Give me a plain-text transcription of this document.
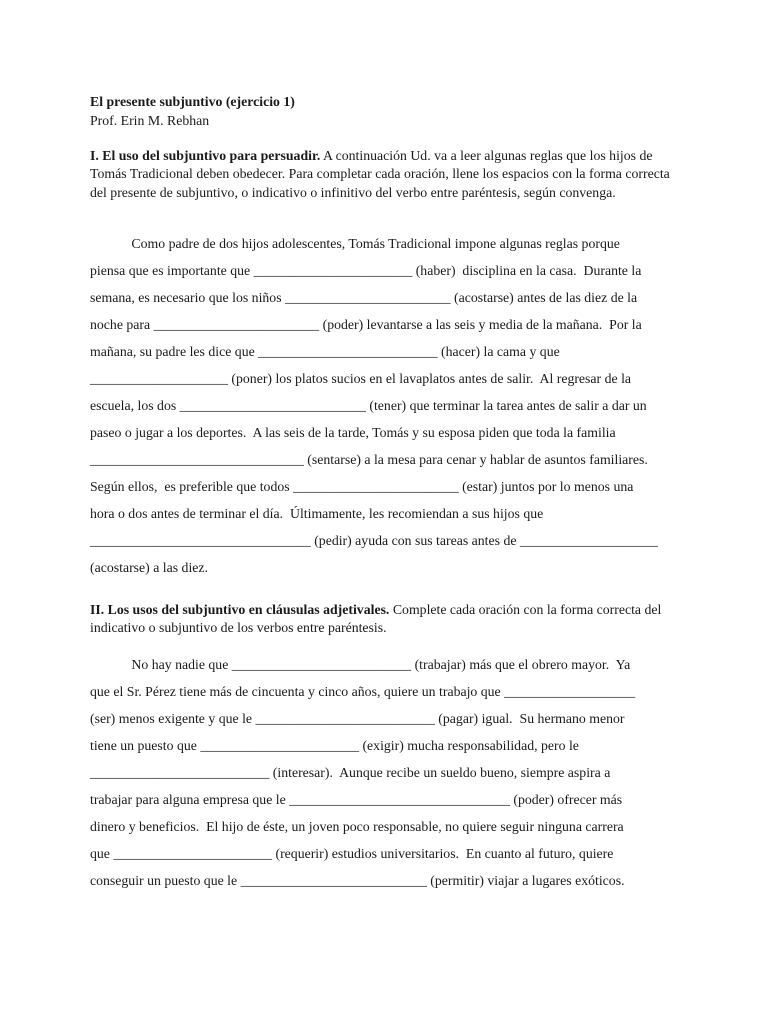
El presente subjuntivo (ejercicio 1)
Prof. Erin M. Rebhan
I. El uso del subjuntivo para persuadir. A continuación Ud. va a leer algunas reglas que los hijos de Tomás Tradicional deben obedecer. Para completar cada oración, llene los espacios con la forma correcta del presente de subjuntivo, o indicativo o infinitivo del verbo entre paréntesis, según convenga.
Como padre de dos hijos adolescentes, Tomás Tradicional impone algunas reglas porque
piensa que es importante que _______________________ (haber)  disciplina en la casa.  Durante la
semana, es necesario que los niños ________________________ (acostarse) antes de las diez de la
noche para ________________________ (poder) levantarse a las seis y media de la mañana.  Por la
mañana, su padre les dice que __________________________ (hacer) la cama y que
____________________ (poner) los platos sucios en el lavaplatos antes de salir.  Al regresar de la
escuela, los dos ___________________________ (tener) que terminar la tarea antes de salir a dar un
paseo o jugar a los deportes.  A las seis de la tarde, Tomás y su esposa piden que toda la familia
_______________________________ (sentarse) a la mesa para cenar y hablar de asuntos familiares.
Según ellos,  es preferible que todos ________________________ (estar) juntos por lo menos una
hora o dos antes de terminar el día.  Últimamente, les recomiendan a sus hijos que
________________________________ (pedir) ayuda con sus tareas antes de ____________________
(acostarse) a las diez.
II. Los usos del subjuntivo en cláusulas adjetivales. Complete cada oración con la forma correcta del indicativo o subjuntivo de los verbos entre paréntesis.
No hay nadie que __________________________ (trabajar) más que el obrero mayor.  Ya
que el Sr. Pérez tiene más de cincuenta y cinco años, quiere un trabajo que ___________________
(ser) menos exigente y que le __________________________ (pagar) igual.  Su hermano menor
tiene un puesto que _______________________ (exigir) mucha responsabilidad, pero le
__________________________ (interesar).  Aunque recibe un sueldo bueno, siempre aspira a
trabajar para alguna empresa que le ________________________________ (poder) ofrecer más
dinero y beneficios.  El hijo de éste, un joven poco responsable, no quiere seguir ninguna carrera
que _______________________ (requerir) estudios universitarios.  En cuanto al futuro, quiere
conseguir un puesto que le ___________________________ (permitir) viajar a lugares exóticos.
